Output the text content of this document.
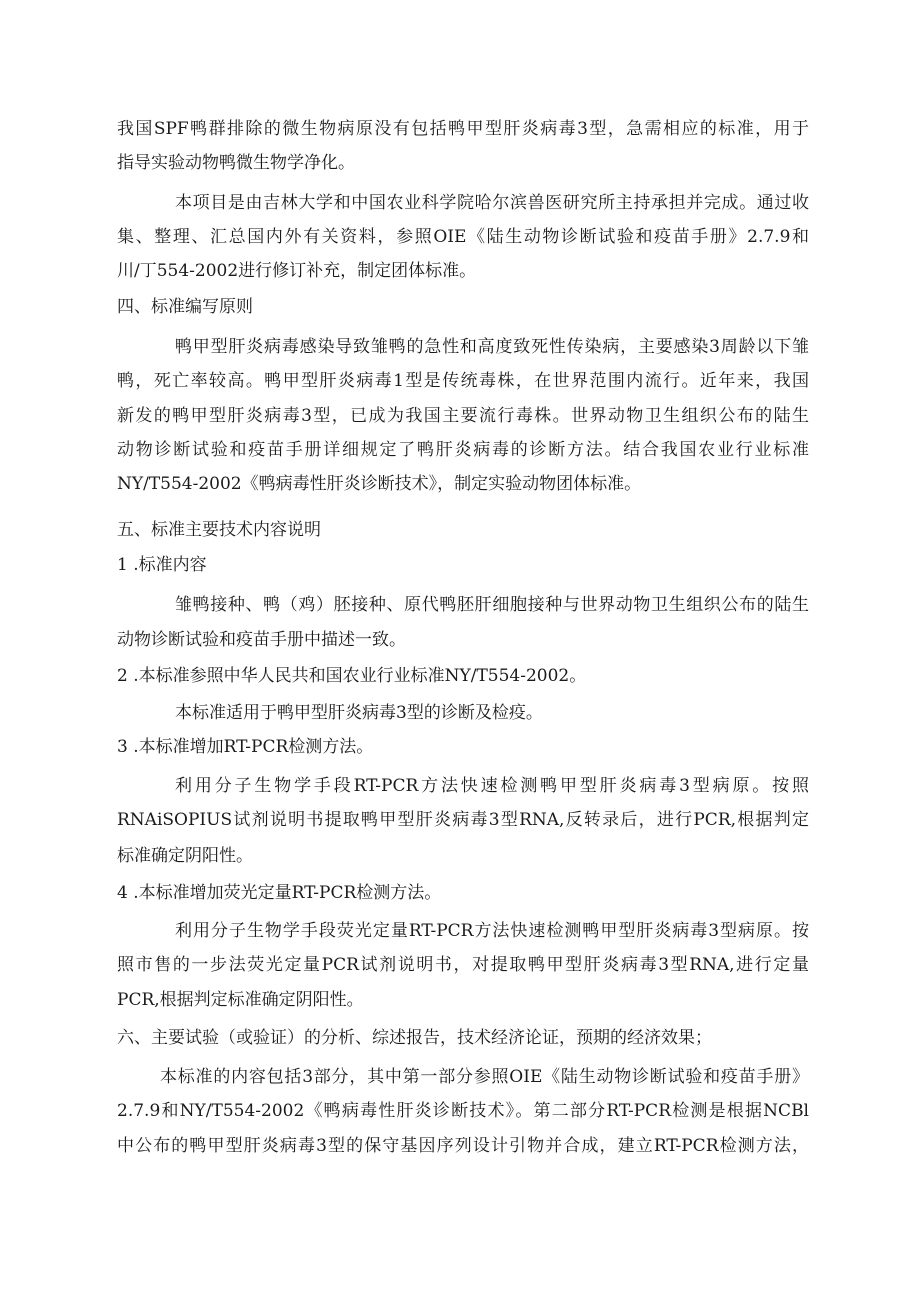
我国SPF鸭群排除的微生物病原没有包括鸭甲型肝炎病毒3型，急需相应的标准，用于
指导实验动物鸭微生物学净化。
本项目是由吉林大学和中国农业科学院哈尔滨兽医研究所主持承担并完成。通过收
集、整理、汇总国内外有关资料，参照OIE《陆生动物诊断试验和疫苗手册》2.7.9和
川/丁554-2002进行修订补充，制定团体标准。
四、标准编写原则
鸭甲型肝炎病毒感染导致雏鸭的急性和高度致死性传染病，主要感染3周龄以下雏
鸭，死亡率较高。鸭甲型肝炎病毒1型是传统毒株，在世界范围内流行。近年来，我国
新发的鸭甲型肝炎病毒3型，已成为我国主要流行毒株。世界动物卫生组织公布的陆生
动物诊断试验和疫苗手册详细规定了鸭肝炎病毒的诊断方法。结合我国农业行业标准
NY/T554-2002《鸭病毒性肝炎诊断技术》，制定实验动物团体标准。
五、标准主要技术内容说明
1 .标准内容
雏鸭接种、鸭（鸡）胚接种、原代鸭胚肝细胞接种与世界动物卫生组织公布的陆生
动物诊断试验和疫苗手册中描述一致。
2 .本标准参照中华人民共和国农业行业标准NY/T554-2002。
本标准适用于鸭甲型肝炎病毒3型的诊断及检疫。
3 .本标准增加RT-PCR检测方法。
利用分子生物学手段RT-PCR方法快速检测鸭甲型肝炎病毒3型病原。按照
RNAiSOPIUS试剂说明书提取鸭甲型肝炎病毒3型RNA,反转录后，进行PCR,根据判定
标准确定阴阳性。
4 .本标准增加荧光定量RT-PCR检测方法。
利用分子生物学手段荧光定量RT-PCR方法快速检测鸭甲型肝炎病毒3型病原。按
照市售的一步法荧光定量PCR试剂说明书，对提取鸭甲型肝炎病毒3型RNA,进行定量
PCR,根据判定标准确定阴阳性。
六、主要试验（或验证）的分析、综述报告，技术经济论证，预期的经济效果；
本标准的内容包括3部分，其中第一部分参照OIE《陆生动物诊断试验和疫苗手册》
2.7.9和NY/T554-2002《鸭病毒性肝炎诊断技术》。第二部分RT-PCR检测是根据NCBl
中公布的鸭甲型肝炎病毒3型的保守基因序列设计引物并合成，建立RT-PCR检测方法，
